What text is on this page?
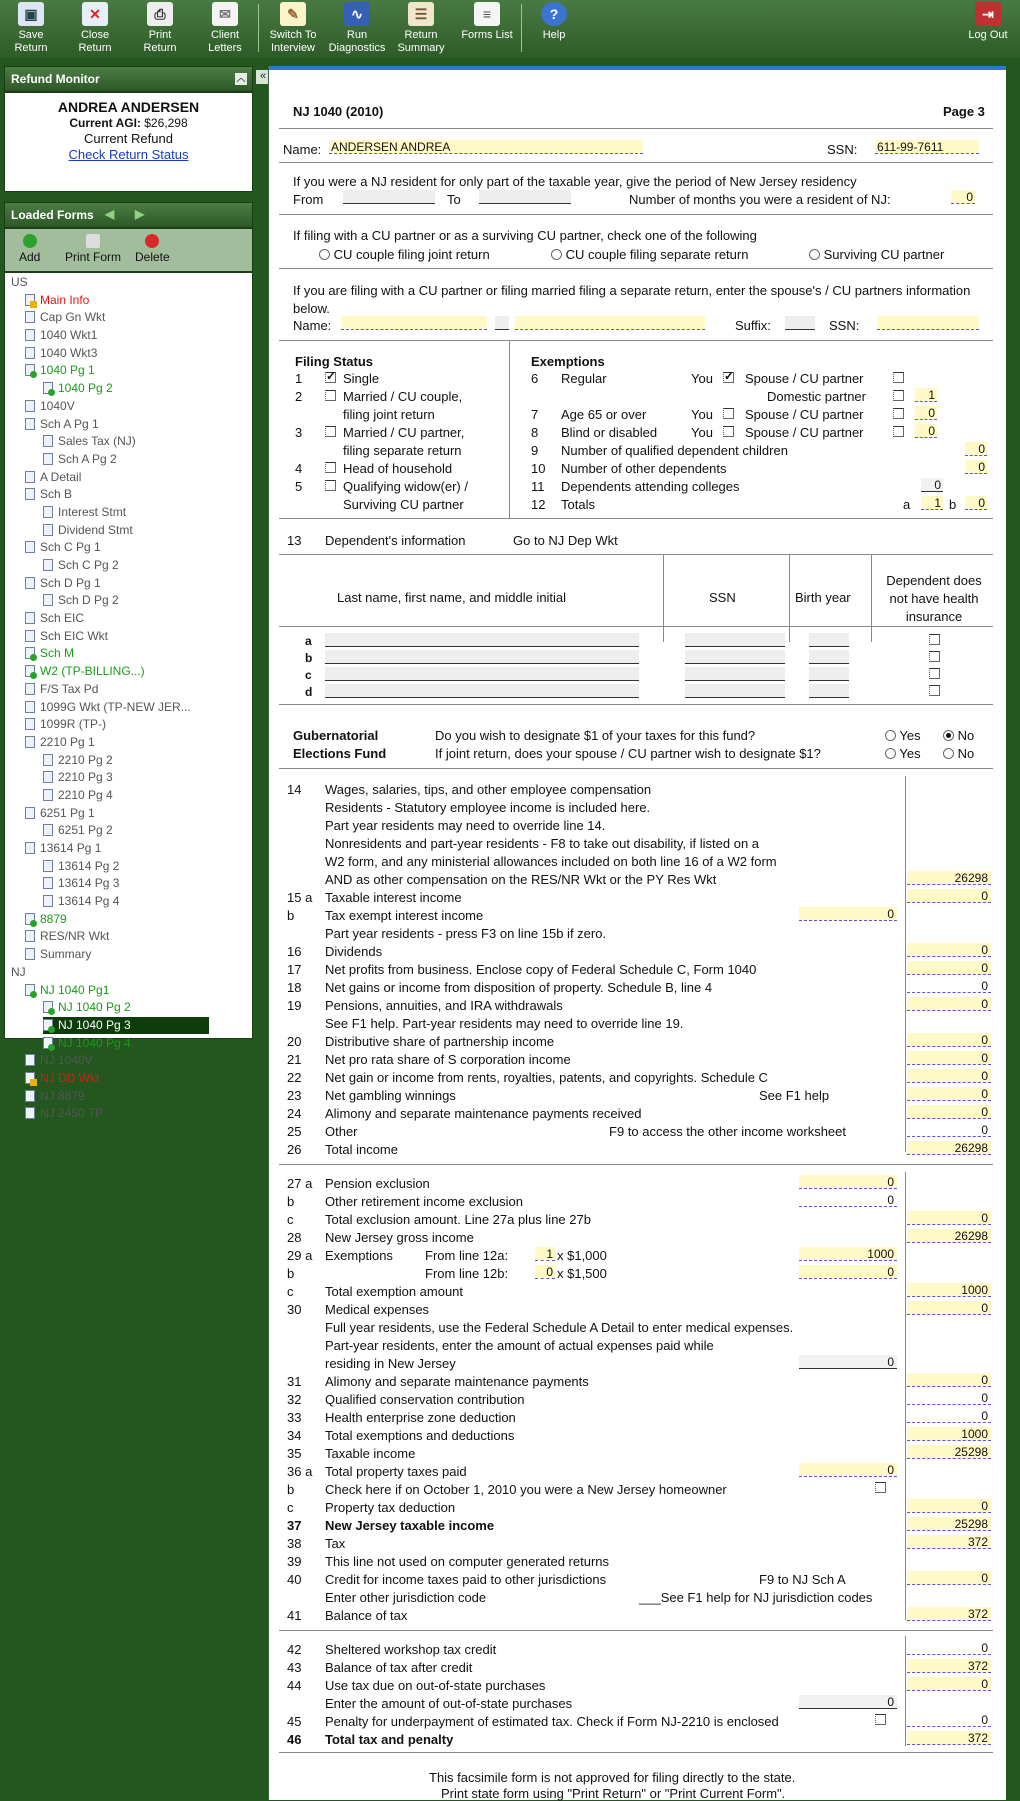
▣
Save Return
✕
Close Return
⎙
Print Return
✉
Client Letters
✎
Switch To Interview
∿
Run Diagnostics
☰
Return Summary
≡
Forms List
?
Help
⇥
Log Out
Refund Monitor	︿
ANDREA ANDERSEN
Current AGI: $26,298
Current Refund
Check Return Status
Loaded Forms ◀ ▶
Add Print Form Delete
US
Main Info
Cap Gn Wkt
1040 Wkt1
1040 Wkt3
1040 Pg 1
1040 Pg 2
1040V
Sch A Pg 1
Sales Tax (NJ)
Sch A Pg 2
A Detail
Sch B
Interest Stmt
Dividend Stmt
Sch C Pg 1
Sch C Pg 2
Sch D Pg 1
Sch D Pg 2
Sch EIC
Sch EIC Wkt
Sch M
W2 (TP-BILLING...)
F/S Tax Pd
1099G Wkt (TP-NEW JER...
1099R (TP-)
2210 Pg 1
2210 Pg 2
2210 Pg 3
2210 Pg 4
6251 Pg 1
6251 Pg 2
13614 Pg 1
13614 Pg 2
13614 Pg 3
13614 Pg 4
8879
RES/NR Wkt
Summary
NJ
NJ 1040 Pg1
NJ 1040 Pg 2
NJ 1040 Pg 3
NJ 1040 Pg 4
NJ 1040V
NJ DD Wkt
NJ 8879
NJ 2450 TP
«
NJ 1040 (2010)	Page 3
Name: ANDERSEN ANDREA	SSN: 611-99-7611
If you were a NJ resident for only part of the taxable year, give the period of New Jersey residency
From	To	Number of months you were a resident of NJ:	0
If filing with a CU partner or as a surviving CU partner, check one of the following
CU couple filing joint return	CU couple filing separate return	Surviving CU partner
If you are filing with a CU partner or filing married filing a separate return, enter the spouse's / CU partners information below.
Name:	Suffix:	SSN:
Filing Status	Exemptions
1 ✓	Single
2	Married / CU couple,
filing joint return
3	Married / CU partner,
filing separate return
4	Head of household
5	Qualifying widow(er) /
Surviving CU partner
6 Regular	You ✓ Spouse / CU partner
Domestic partner	1
7 Age 65 or over	You Spouse / CU partner	0
8 Blind or disabled	You Spouse / CU partner	0
9 Number of qualified dependent children	0
10 Number of other dependents	0
11 Dependents attending colleges	0
12 Totals	a	1 b	0
13 Dependent's information	Go to NJ Dep Wkt
Last name, first name, and middle initial	SSN	Birth year
Dependent does not have health insurance
a
b
c
d
Gubernatorial
Elections Fund
Do you wish to designate $1 of your taxes for this fund?
If joint return, does your spouse / CU partner wish to designate $1?
Yes	No
Yes	No
14 Wages, salaries, tips, and other employee compensation
Residents - Statutory employee income is included here.
Part year residents may need to override line 14.
Nonresidents and part-year residents - F8 to take out disability, if listed on a
W2 form, and any ministerial allowances included on both line 16 of a W2 form
AND as other compensation on the RES/NR Wkt or the PY Res Wkt	26298
15 a Taxable interest income	0
b Tax exempt interest income	0
Part year residents - press F3 on line 15b if zero.
16 Dividends	0
17 Net profits from business. Enclose copy of Federal Schedule C, Form 1040	0
18 Net gains or income from disposition of property. Schedule B, line 4	0
19 Pensions, annuities, and IRA withdrawals	0
See F1 help. Part-year residents may need to override line 19.
20 Distributive share of partnership income	0
21 Net pro rata share of S corporation income	0
22 Net gain or income from rents, royalties, patents, and copyrights. Schedule C	0
23 Net gambling winnings	See F1 help	0
24 Alimony and separate maintenance payments received	0
25 Other	F9 to access the other income worksheet	0
26 Total income	26298
27 a Pension exclusion	0
b Other retirement income exclusion	0
c Total exclusion amount. Line 27a plus line 27b	0
28 New Jersey gross income	26298
29 a Exemptions From line 12a:	1 x $1,000	1000
b	From line 12b:	0 x $1,500	0
c Total exemption amount	1000
30 Medical expenses	0
Full year residents, use the Federal Schedule A Detail to enter medical expenses.
Part-year residents, enter the amount of actual expenses paid while
residing in New Jersey	0
31 Alimony and separate maintenance payments	0
32 Qualified conservation contribution	0
33 Health enterprise zone deduction	0
34 Total exemptions and deductions	1000
35 Taxable income	25298
36 a Total property taxes paid	0
b Check here if on October 1, 2010 you were a New Jersey homeowner
c Property tax deduction	0
37 New Jersey taxable income	25298
38 Tax	372
39 This line not used on computer generated returns
40 Credit for income taxes paid to other jurisdictions	F9 to NJ Sch A	0
Enter other jurisdiction code	___See F1 help for NJ jurisdiction codes
41 Balance of tax	372
42 Sheltered workshop tax credit	0
43 Balance of tax after credit	372
44 Use tax due on out-of-state purchases	0
Enter the amount of out-of-state purchases	0
45 Penalty for underpayment of estimated tax. Check if Form NJ-2210 is enclosed	0
46 Total tax and penalty	372
This facsimile form is not approved for filing directly to the state.
Print state form using "Print Return" or "Print Current Form".
